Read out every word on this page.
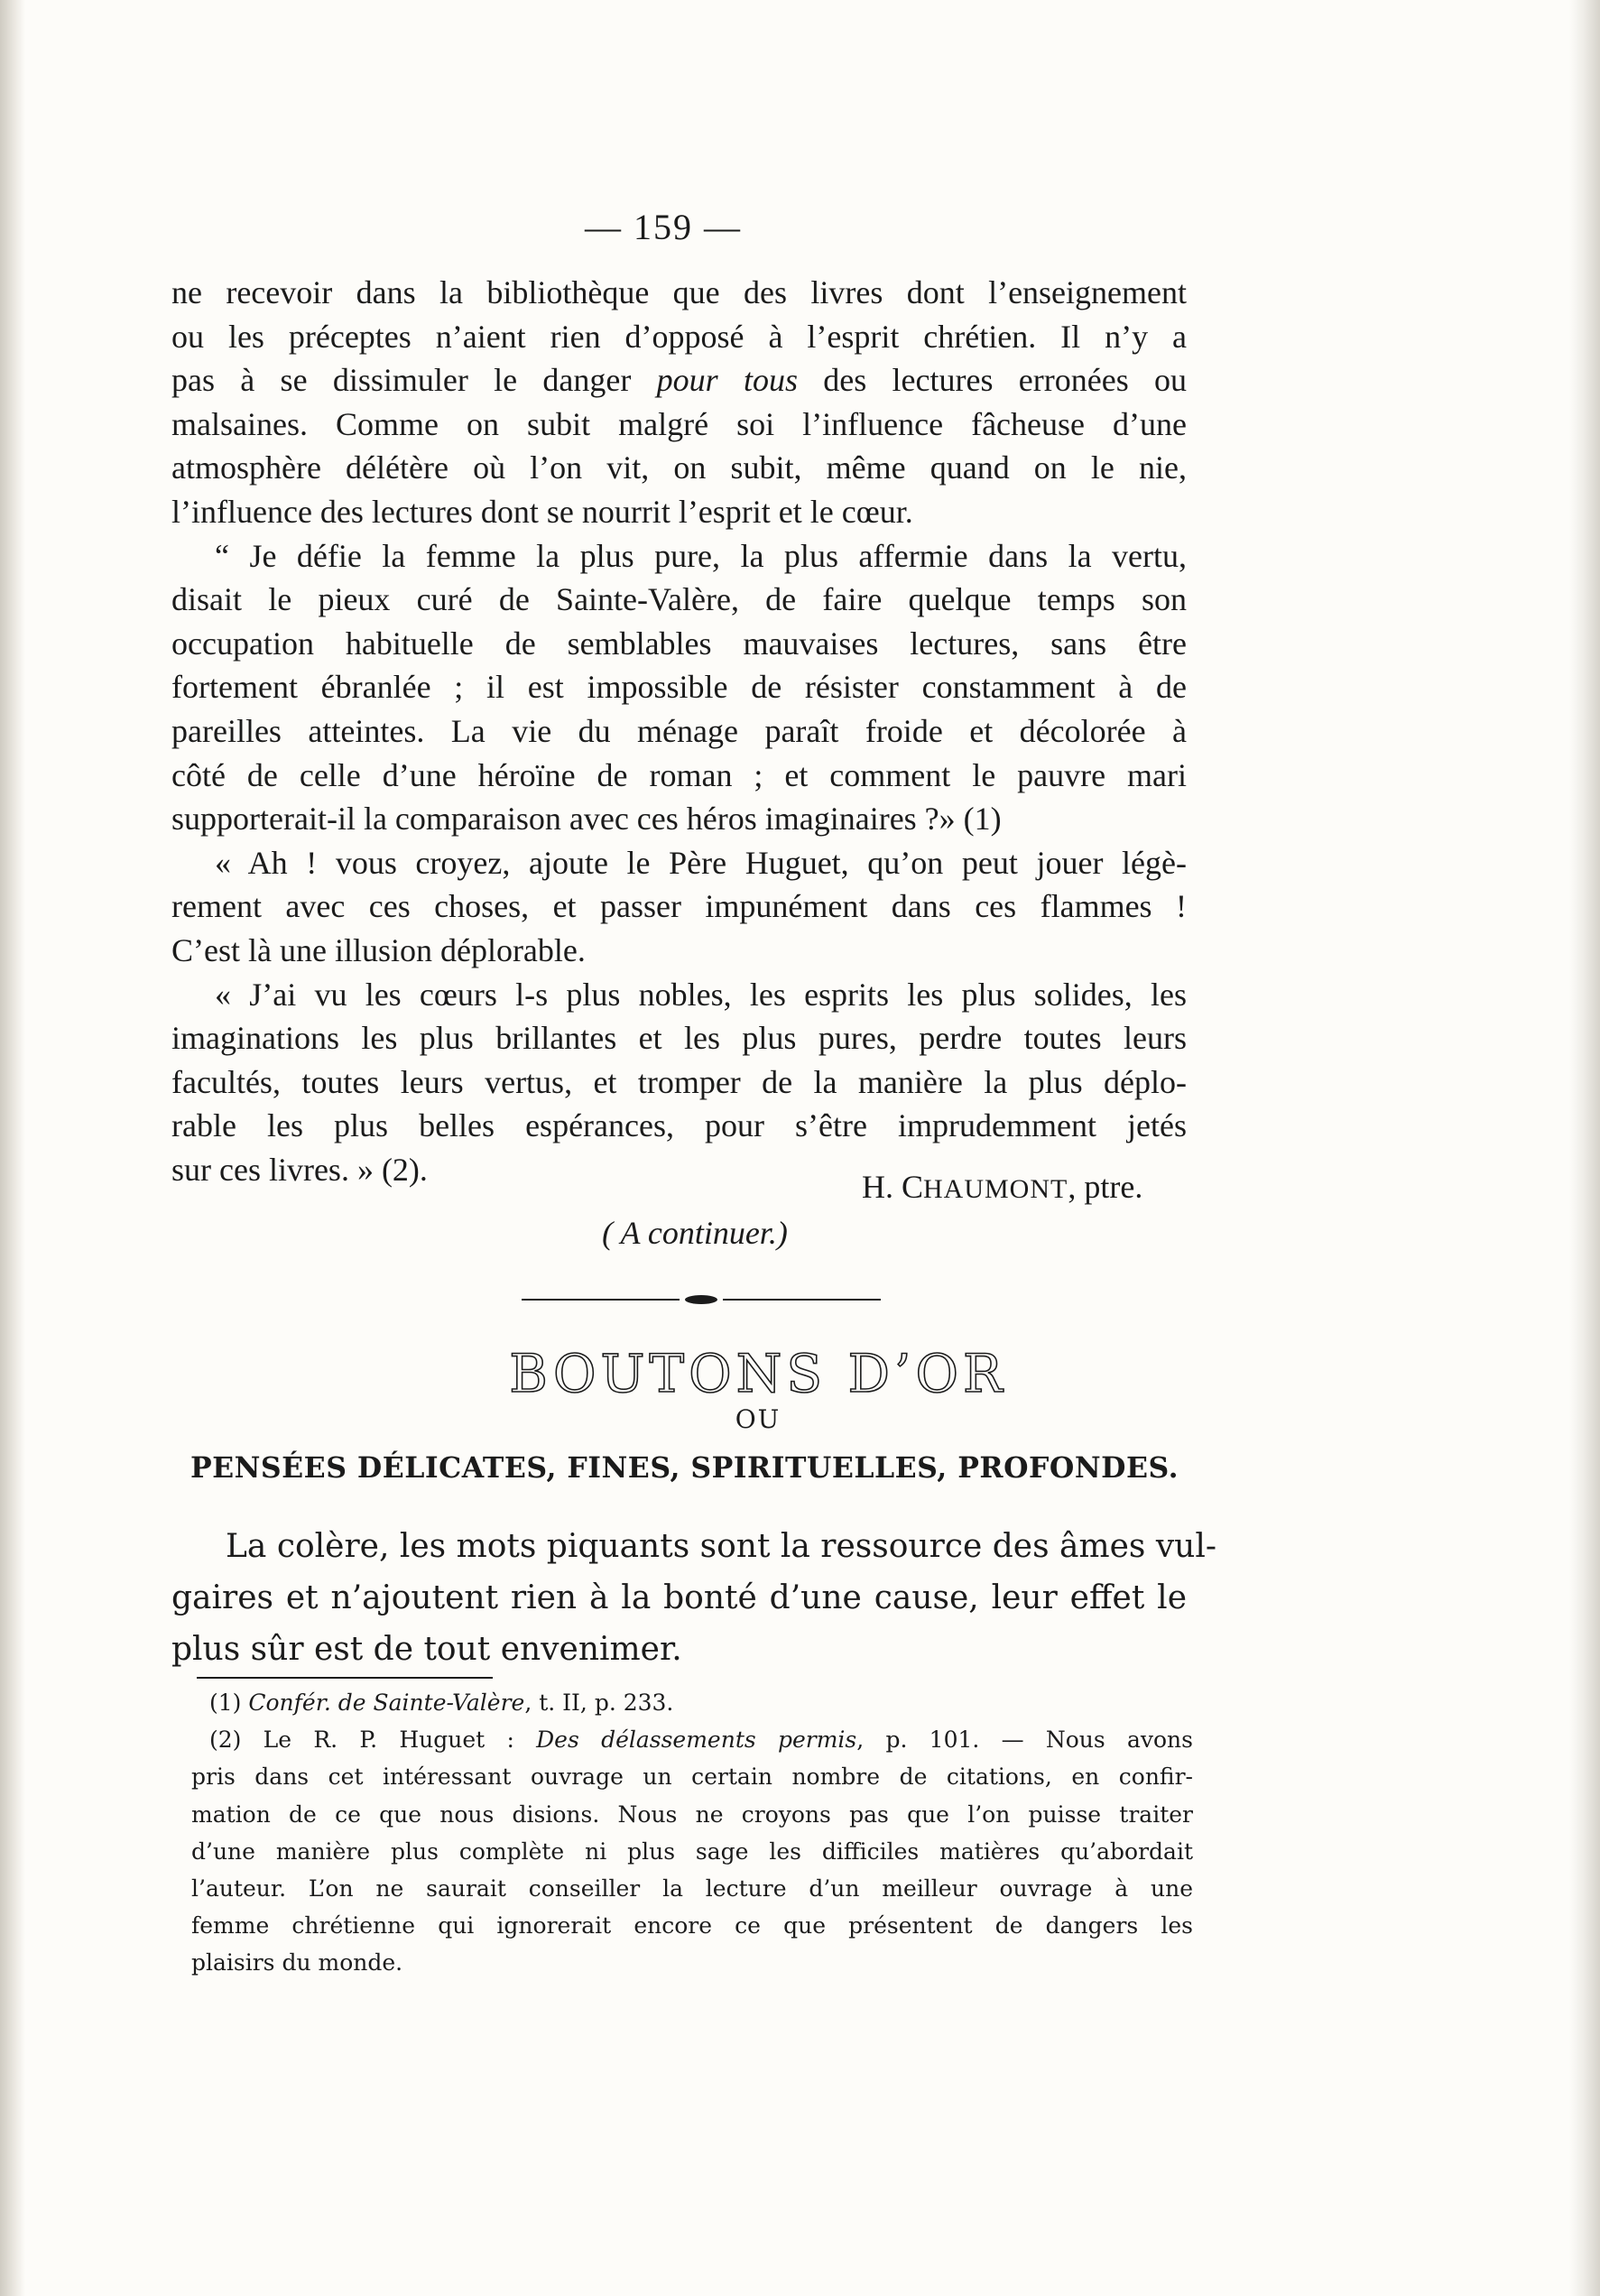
— 159 —
ne recevoir dans la bibliothèque que des livres dont l’enseignement
ou les préceptes n’aient rien d’opposé à l’esprit chrétien. Il n’y a
pas à se dissimuler le danger pour tous des lectures erronées ou
malsaines. Comme on subit malgré soi l’influence fâcheuse d’une
atmosphère délétère où l’on vit, on subit, même quand on le nie,
l’influence des lectures dont se nourrit l’esprit et le cœur.
“ Je défie la femme la plus pure, la plus affermie dans la vertu,
disait le pieux curé de Sainte-Valère, de faire quelque temps son
occupation habituelle de semblables mauvaises lectures, sans être
fortement ébranlée ; il est impossible de résister constamment à de
pareilles atteintes. La vie du ménage paraît froide et décolorée à
côté de celle d’une héroïne de roman ; et comment le pauvre mari
supporterait-il la comparaison avec ces héros imaginaires ?» (1)
« Ah ! vous croyez, ajoute le Père Huguet, qu’on peut jouer légè-
rement avec ces choses, et passer impunément dans ces flammes !
C’est là une illusion déplorable.
« J’ai vu les cœurs l-s plus nobles, les esprits les plus solides, les
imaginations les plus brillantes et les plus pures, perdre toutes leurs
facultés, toutes leurs vertus, et tromper de la manière la plus déplo-
rable les plus belles espérances, pour s’être imprudemment jetés
sur ces livres. » (2).	H. CHAUMONT, ptre.
( A continuer.)
BOUTONS D’OR
OU
PENSÉES DÉLICATES, FINES, SPIRITUELLES, PROFONDES.
La colère, les mots piquants sont la ressource des âmes vul-
gaires et n’ajoutent rien à la bonté d’une cause, leur effet le
plus sûr est de tout envenimer.
(1) Confér. de Sainte-Valère, t. II, p. 233.
(2) Le R. P. Huguet : Des délassements permis, p. 101. — Nous avons
pris dans cet intéressant ouvrage un certain nombre de citations, en confir-
mation de ce que nous disions. Nous ne croyons pas que l’on puisse traiter
d’une manière plus complète ni plus sage les difficiles matières qu’abordait
l’auteur. L’on ne saurait conseiller la lecture d’un meilleur ouvrage à une
femme chrétienne qui ignorerait encore ce que présentent de dangers les
plaisirs du monde.
